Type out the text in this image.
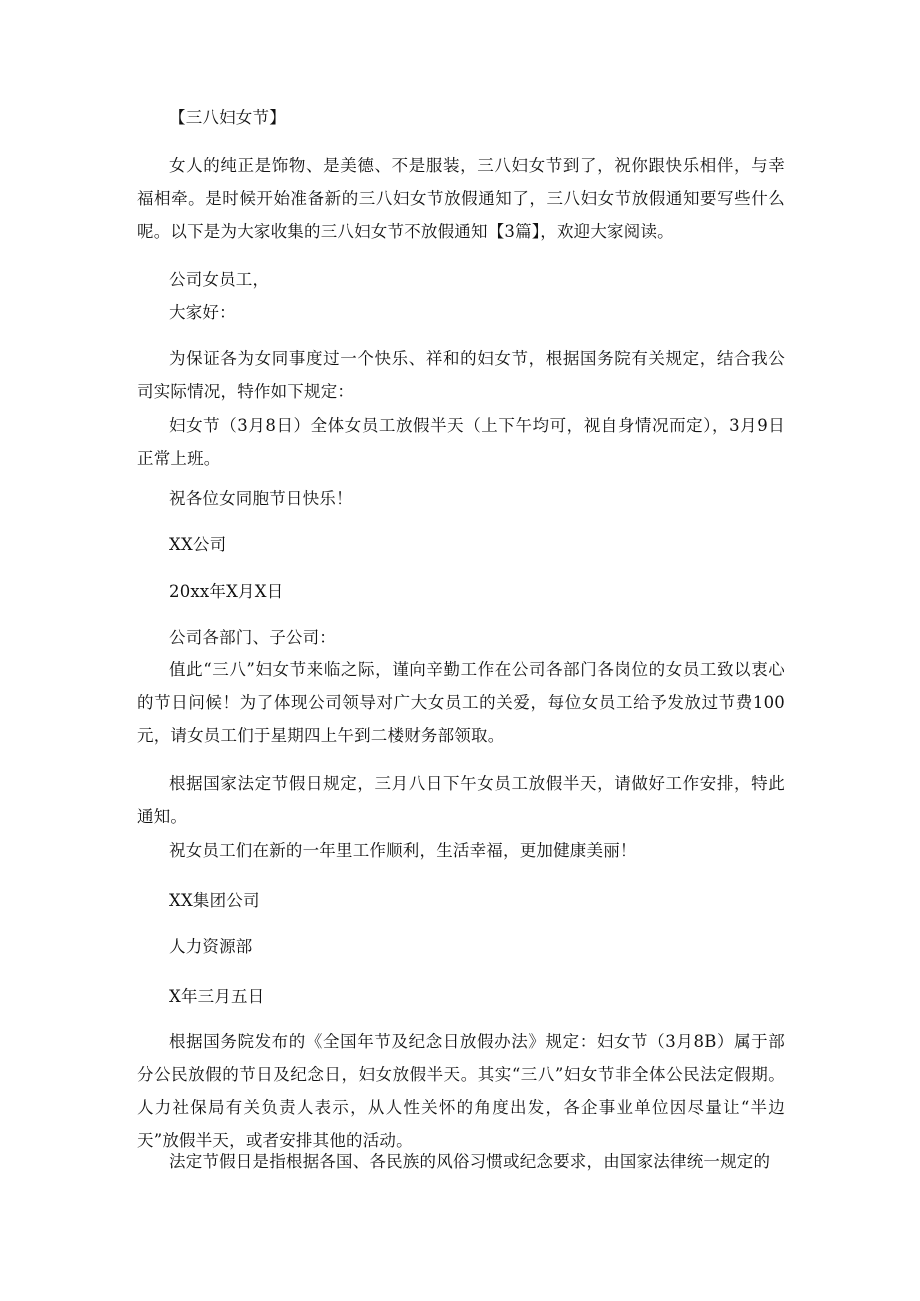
【三八妇女节】

女人的纯正是饰物、是美德、不是服装，三八妇女节到了，祝你跟快乐相伴，与幸福相牵。是时候开始准备新的三八妇女节放假通知了，三八妇女节放假通知要写些什么呢。以下是为大家收集的三八妇女节不放假通知【3篇】，欢迎大家阅读。

公司女员工，

大家好：

为保证各为女同事度过一个快乐、祥和的妇女节，根据国务院有关规定，结合我公司实际情况，特作如下规定：

妇女节（3月8日）全体女员工放假半天（上下午均可，视自身情况而定），3月9日正常上班。

祝各位女同胞节日快乐！

XX公司

20xx年X月X日

公司各部门、子公司：

值此“三八”妇女节来临之际，谨向辛勤工作在公司各部门各岗位的女员工致以衷心的节日问候！为了体现公司领导对广大女员工的关爱，每位女员工给予发放过节费100元，请女员工们于星期四上午到二楼财务部领取。

根据国家法定节假日规定，三月八日下午女员工放假半天，请做好工作安排，特此通知。

祝女员工们在新的一年里工作顺利，生活幸福，更加健康美丽！

XX集团公司

人力资源部

X年三月五日

根据国务院发布的《全国年节及纪念日放假办法》规定：妇女节（3月8B）属于部分公民放假的节日及纪念日，妇女放假半天。其实“三八”妇女节非全体公民法定假期。人力社保局有关负责人表示，从人性关怀的角度出发，各企事业单位因尽量让“半边天”放假半天，或者安排其他的活动。

法定节假日是指根据各国、各民族的风俗习惯或纪念要求，由国家法律统一规定的
